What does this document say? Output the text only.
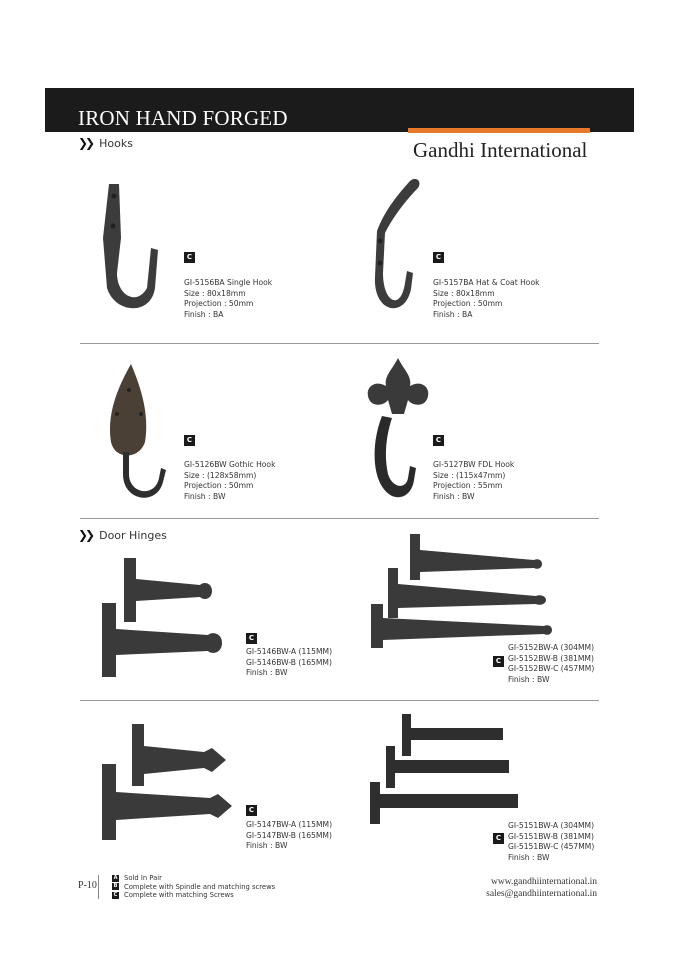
IRON HAND FORGED
Gandhi International
❯❯ Hooks
C
GI-5156BA Single Hook
Size : 80x18mm
Projection : 50mm
Finish : BA
C
GI-5157BA Hat & Coat Hook
Size : 80x18mm
Projection : 50mm
Finish : BA
C
GI-5126BW Gothic Hook
Size : (128x58mm)
Projection : 50mm
Finish : BW
C
GI-5127BW FDL Hook
Size : (115x47mm)
Projection : 55mm
Finish : BW
❯❯ Door Hinges
C
GI-5146BW-A (115MM)
GI-5146BW-B (165MM)
Finish : BW
C
GI-5152BW-A (304MM)
GI-5152BW-B (381MM)
GI-5152BW-C (457MM)
Finish : BW
C
GI-5147BW-A (115MM)
GI-5147BW-B (165MM)
Finish : BW
C
GI-5151BW-A (304MM)
GI-5151BW-B (381MM)
GI-5151BW-C (457MM)
Finish : BW
P-10
A Sold In Pair
B Complete with Spindle and matching screws
C Complete with matching Screws
www.gandhiinternational.in
sales@gandhiinternational.in
